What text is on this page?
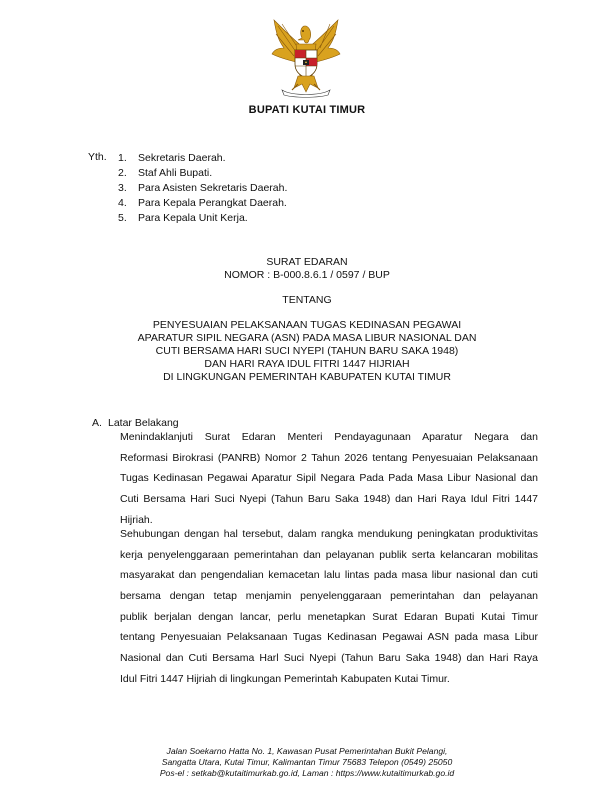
BUPATI KUTAI TIMUR
Yth. 1.	Sekretaris Daerah.
2.	Staf Ahli Bupati.
3.	Para Asisten Sekretaris Daerah.
4.	Para Kepala Perangkat Daerah.
5.	Para Kepala Unit Kerja.
SURAT EDARAN
NOMOR : B-000.8.6.1 / 0597 / BUP
TENTANG
PENYESUAIAN PELAKSANAAN TUGAS KEDINASAN PEGAWAI
APARATUR SIPIL NEGARA (ASN) PADA MASA LIBUR NASIONAL DAN
CUTI BERSAMA HARI SUCI NYEPI (TAHUN BARU SAKA 1948)
DAN HARI RAYA IDUL FITRI 1447 HIJRIAH
DI LINGKUNGAN PEMERINTAH KABUPATEN KUTAI TIMUR
A. Latar Belakang
Menindaklanjuti Surat Edaran Menteri Pendayagunaan Aparatur Negara dan
Reformasi Birokrasi (PANRB) Nomor 2 Tahun 2026 tentang Penyesuaian Pelaksanaan
Tugas Kedinasan Pegawai Aparatur Sipil Negara Pada Pada Masa Libur Nasional dan
Cuti Bersama Hari Suci Nyepi (Tahun Baru Saka 1948) dan Hari Raya Idul Fitri 1447
Hijriah.
Sehubungan dengan hal tersebut, dalam rangka mendukung peningkatan produktivitas
kerja penyelenggaraan pemerintahan dan pelayanan publik serta kelancaran mobilitas
masyarakat dan pengendalian kemacetan lalu lintas pada masa libur nasional dan cuti
bersama dengan tetap menjamin penyelenggaraan pemerintahan dan pelayanan
publik berjalan dengan lancar, perlu menetapkan Surat Edaran Bupati Kutai Timur
tentang Penyesuaian Pelaksanaan Tugas Kedinasan Pegawai ASN pada masa Libur
Nasional dan Cuti Bersama Harl Suci Nyepi (Tahun Baru Saka 1948) dan Hari Raya
Idul Fitri 1447 Hijriah di lingkungan Pemerintah Kabupaten Kutai Timur.
Jalan Soekarno Hatta No. 1, Kawasan Pusat Pemerintahan Bukit Pelangi,
Sangatta Utara, Kutai Timur, Kalimantan Timur 75683 Telepon (0549) 25050
Pos-el : setkab@kutaitimurkab.go.id, Laman : https://www.kutaitimurkab.go.id
